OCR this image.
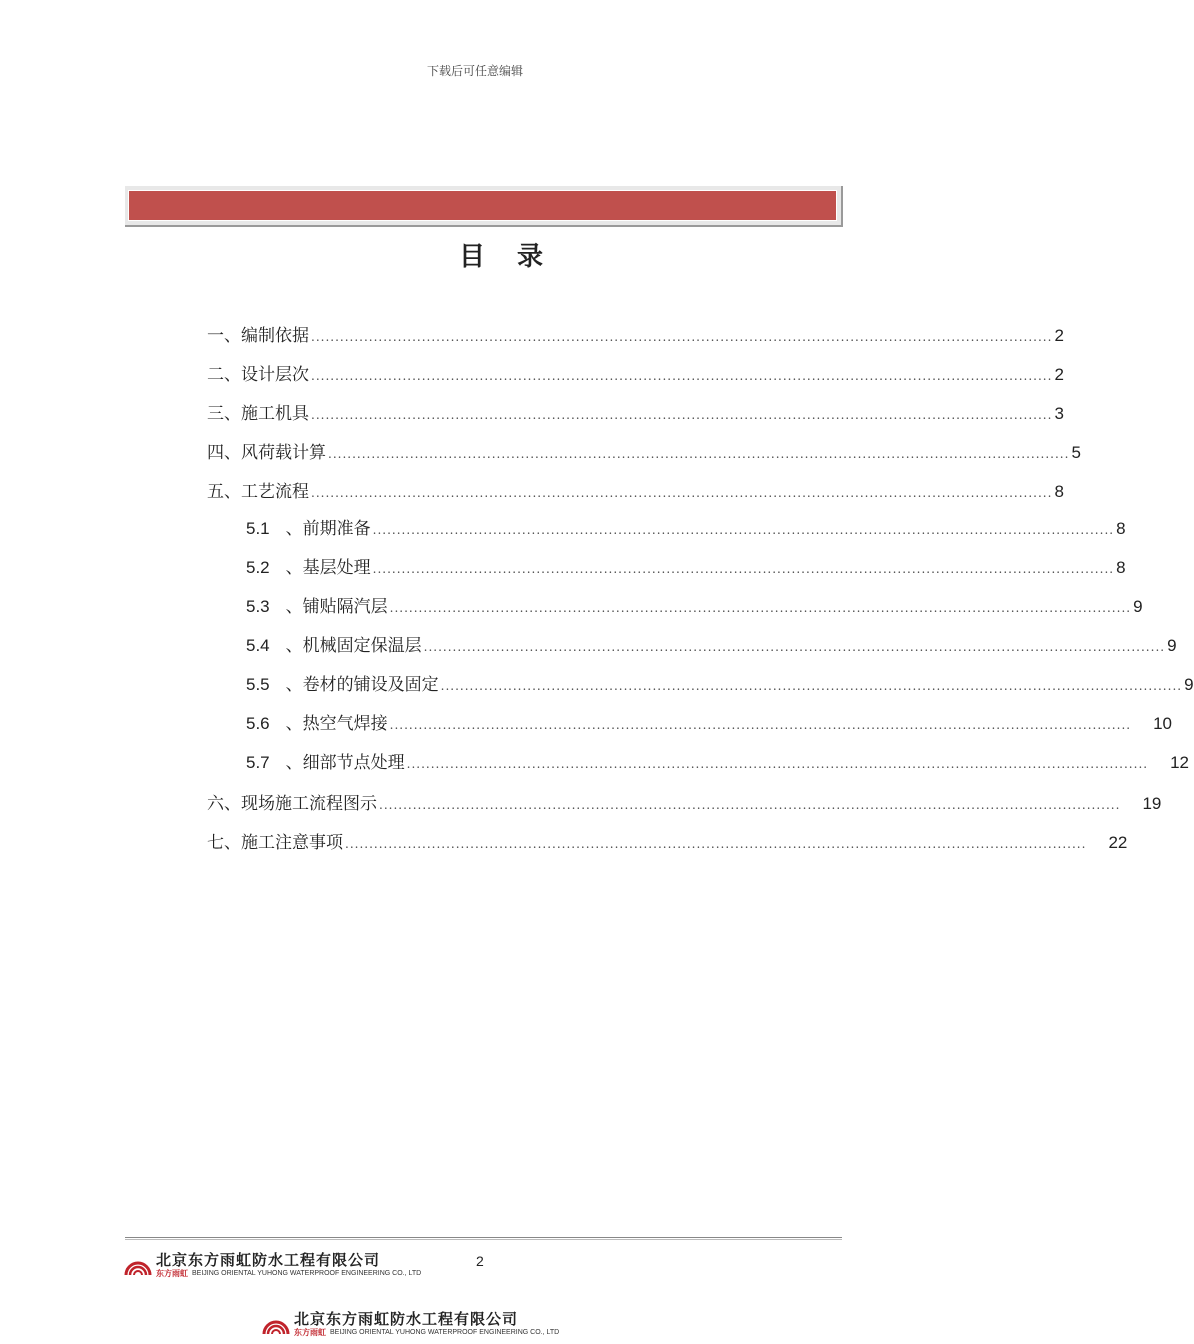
下载后可任意编辑
目录
一、编制依据 .......................................................................................................................................................... 2
二、设计层次 .......................................................................................................................................................... 2
三、施工机具 .......................................................................................................................................................... 3
四、风荷载计算 .......................................................................................................................................................... 5
五、工艺流程 .......................................................................................................................................................... 8
5.1 、前期准备 .......................................................................................................................................................... 8
5.2 、基层处理 .......................................................................................................................................................... 8
5.3 、铺贴隔汽层 .......................................................................................................................................................... 9
5.4 、机械固定保温层 .......................................................................................................................................................... 9
5.5 、卷材的铺设及固定 .......................................................................................................................................................... 9
5.6 、热空气焊接 .......................................................................................................................................................... 10
5.7 、细部节点处理 .......................................................................................................................................................... 12
六、现场施工流程图示 .......................................................................................................................................................... 19
七、施工注意事项 .......................................................................................................................................................... 22
北京东方雨虹防水工程有限公司
东方雨虹 BEIJING ORIENTAL YUHONG WATERPROOF ENGINEERING CO., LTD
2
北京东方雨虹防水工程有限公司
东方雨虹 BEIJING ORIENTAL YUHONG WATERPROOF ENGINEERING CO., LTD
